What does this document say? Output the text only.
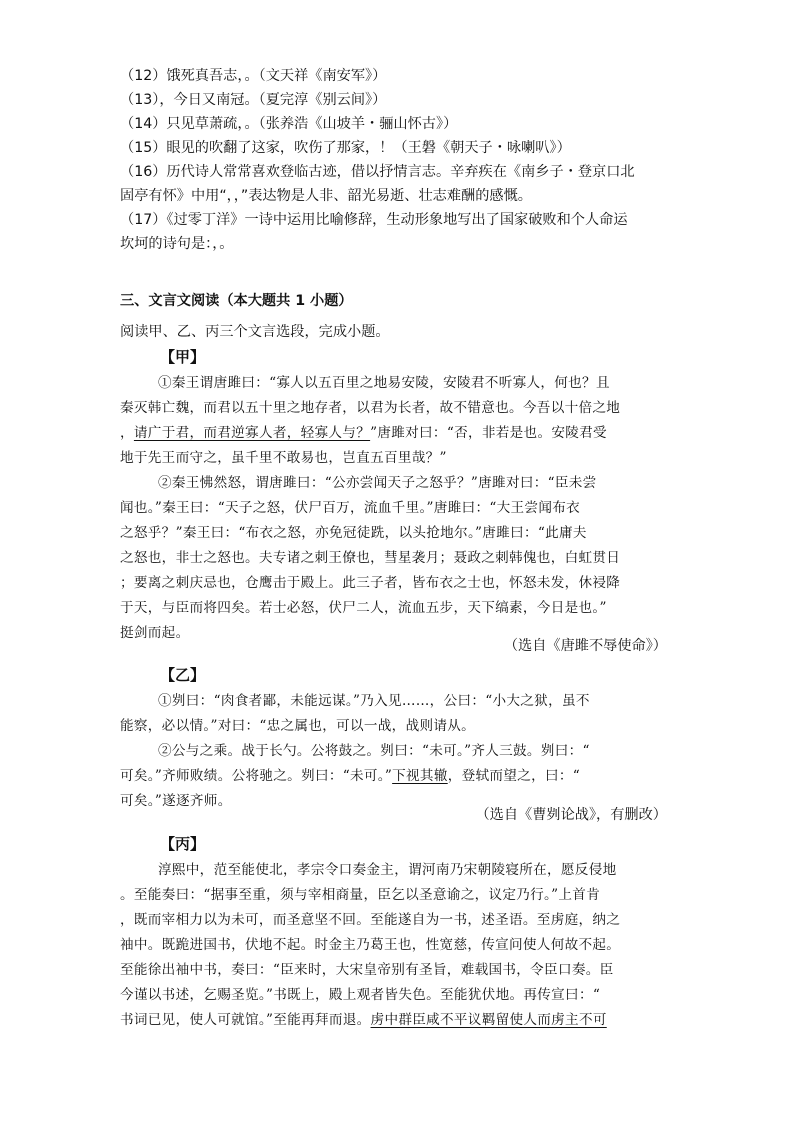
（12）饿死真吾志，。（文天祥《南安军》）
（13），今日又南冠。（夏完淳《别云间》）
（14）只见草萧疏，。（张养浩《山坡羊・骊山怀古》）
（15）眼见的吹翻了这家，吹伤了那家，！（王磐《朝天子・咏喇叭》）
（16）历代诗人常常喜欢登临古迹，借以抒情言志。辛弃疾在《南乡子・登京口北
固亭有怀》中用“，，”表达物是人非、韶光易逝、壮志难酬的感慨。
（17）《过零丁洋》一诗中运用比喻修辞，生动形象地写出了国家破败和个人命运
坎坷的诗句是：，。
三、文言文阅读（本大题共 1 小题）
阅读甲、乙、丙三个文言选段，完成小题。
【甲】
①秦王谓唐雎曰：“寡人以五百里之地易安陵，安陵君不听寡人，何也？且
秦灭韩亡魏，而君以五十里之地存者，以君为长者，故不错意也。今吾以十倍之地
，请广于君，而君逆寡人者，轻寡人与？”唐雎对曰：“否，非若是也。安陵君受
地于先王而守之，虽千里不敢易也，岂直五百里哉？”
②秦王怫然怒，谓唐雎曰：“公亦尝闻天子之怒乎？”唐雎对曰：“臣未尝
闻也。”秦王曰：“天子之怒，伏尸百万，流血千里。”唐雎曰：“大王尝闻布衣
之怒乎？”秦王曰：“布衣之怒，亦免冠徒跣，以头抢地尔。”唐雎曰：“此庸夫
之怒也，非士之怒也。夫专诸之刺王僚也，彗星袭月；聂政之刺韩傀也，白虹贯日
；要离之刺庆忌也，仓鹰击于殿上。此三子者，皆布衣之士也，怀怒未发，休祲降
于天，与臣而将四矣。若士必怒，伏尸二人，流血五步，天下缟素，今日是也。”
挺剑而起。
（选自《唐雎不辱使命》）
【乙】
①刿曰：“肉食者鄙，未能远谋。”乃入见……，公曰：“小大之狱，虽不
能察，必以情。”对曰：“忠之属也，可以一战，战则请从。
②公与之乘。战于长勺。公将鼓之。刿曰：“未可。”齐人三鼓。刿曰：“
可矣。”齐师败绩。公将驰之。刿曰：“未可。”下视其辙，登轼而望之，曰：“
可矣。”遂逐齐师。
（选自《曹刿论战》，有删改）
【丙】
淳熙中，范至能使北，孝宗令口奏金主，谓河南乃宋朝陵寝所在，愿反侵地
。至能奏曰：“据事至重，须与宰相商量，臣乞以圣意谕之，议定乃行。”上首肯
，既而宰相力以为未可，而圣意坚不回。至能遂自为一书，述圣语。至虏庭，纳之
袖中。既跪进国书，伏地不起。时金主乃葛王也，性宽慈，传宣问使人何故不起。
至能徐出袖中书，奏曰：“臣来时，大宋皇帝别有圣旨，难载国书，令臣口奏。臣
今谨以书述，乞赐圣览。”书既上，殿上观者皆失色。至能犹伏地。再传宣曰：“
书词已见，使人可就馆。”至能再拜而退。虏中群臣咸不平议羁留使人而虏主不可
